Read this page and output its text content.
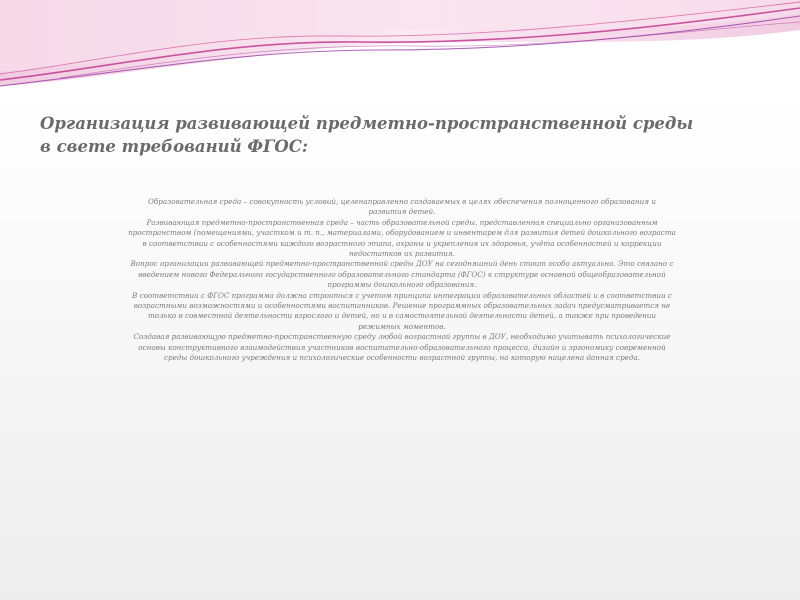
Организация развивающей предметно-пространственной среды в свете требований ФГОС:

Образовательная среда – совокупность условий, целенаправленно создаваемых в целях обеспечения полноценного образования и развития детей.

Развивающая предметно-пространственная среда – часть образовательной среды, представленная специально организованным пространством (помещениями, участком и т. п., материалами, оборудованием и инвентарем для развития детей дошкольного возраста в соответствии с особенностями каждого возрастного этапа, охраны и укрепления их здоровья, учёта особенностей и коррекции недостатков их развития.

Вопрос организации развивающей предметно-пространственной среды ДОУ на сегодняшний день стоит особо актуально. Это связано с введением нового Федерального государственного образовательного стандарта (ФГОС) к структуре основной общеобразовательной программы дошкольного образования.

В соответствии с ФГОС программа должна строиться с учетом принципа интеграции образовательных областей и в соответствии с возрастными возможностями и особенностями воспитанников. Решение программных образовательных задач предусматривается не только в совместной деятельности взрослого и детей, но и в самостоятельной деятельности детей, а также при проведении режимных моментов.

Создавая развивающую предметно-пространственную среду любой возрастной группы в ДОУ, необходимо учитывать психологические основы конструктивного взаимодействия участников воспитательно-образовательного процесса, дизайн и эргономику современной среды дошкольного учреждения и психологические особенности возрастной группы, на которую нацелена данная среда.
